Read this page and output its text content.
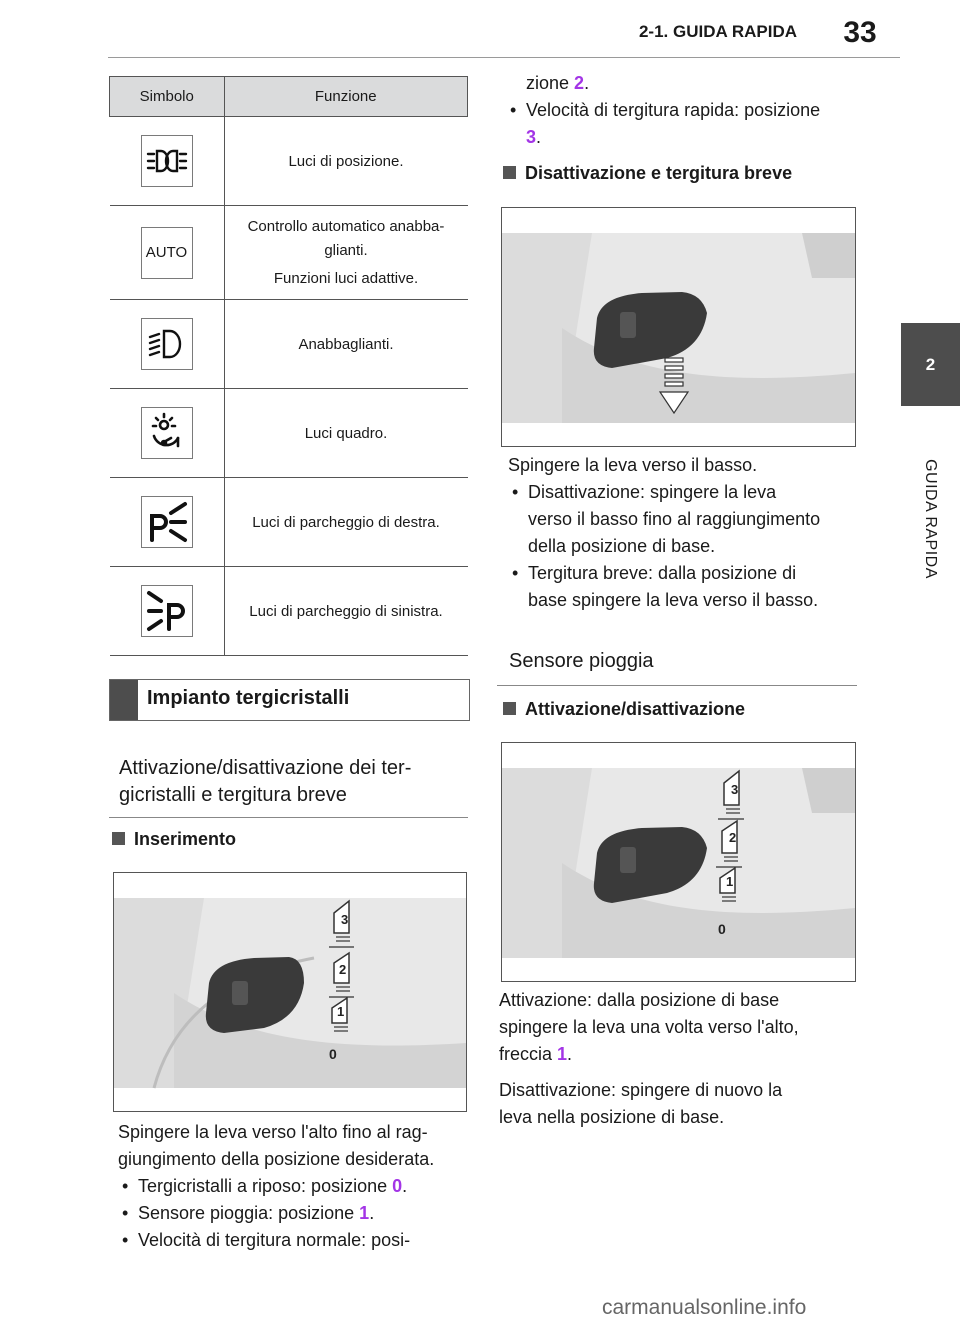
2-1. GUIDA RAPIDA	33
2
GUIDA RAPIDA
Simbolo	Funzione

	Luci di posizione.

AUTO	Controllo automatico anabba-glianti.

Funzioni luci adattive.

	Anabbaglianti.

	Luci quadro.

	Luci di parcheggio di destra.

	Luci di parcheggio di sinistra.
Impianto tergicristalli
Attivazione/disattivazione dei ter-
gicristalli e tergitura breve
Inserimento
3
2
1
0
Spingere la leva verso l'alto fino al rag-
giungimento della posizione desiderata.
• Tergicristalli a riposo: posizione 0.
• Sensore pioggia: posizione 1.
• Velocità di tergitura normale: posi-
zione 2.
• Velocità di tergitura rapida: posizione
3.
Disattivazione e tergitura breve
Spingere la leva verso il basso.
• Disattivazione: spingere la leva
verso il basso fino al raggiungimento
della posizione di base.
• Tergitura breve: dalla posizione di
base spingere la leva verso il basso.
Sensore pioggia
Attivazione/disattivazione
3
2
1
0
Attivazione: dalla posizione di base
spingere la leva una volta verso l'alto,
freccia 1.
Disattivazione: spingere di nuovo la
leva nella posizione di base.
carmanualsonline.info
